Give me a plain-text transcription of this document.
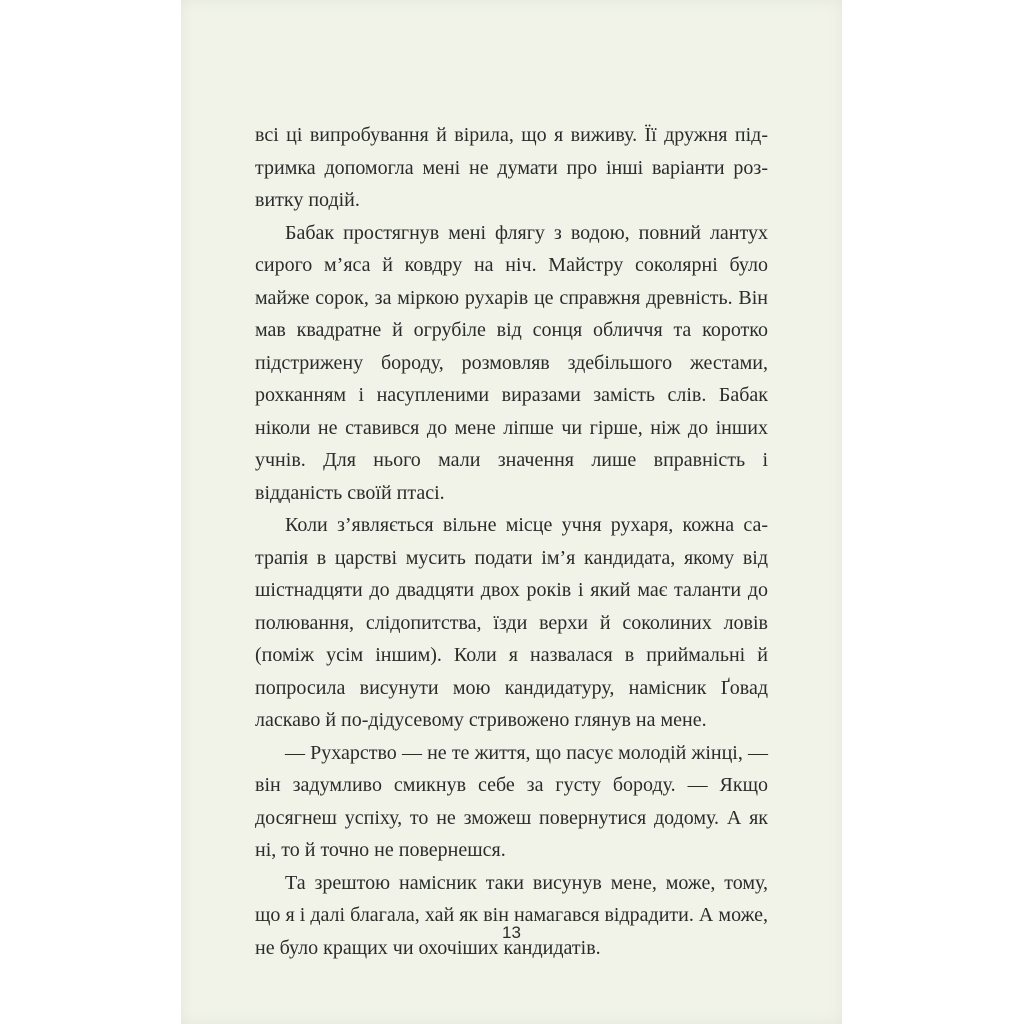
всі ці випробування й вірила, що я виживу. Її дружня підтримка допомогла мені не думати про інші варіанти розвитку подій.

Бабак простягнув мені флягу з водою, повний лантух сирого м’яса й ковдру на ніч. Майстру соколярні було майже сорок, за міркою рухарів це справжня древність. Він мав квадратне й огрубіле від сонця обличчя та коротко підстрижену бороду, розмовляв здебільшого жестами, рохканням і насупленими виразами замість слів. Бабак ніколи не ставився до мене ліпше чи гірше, ніж до інших учнів. Для нього мали значення лише вправність і відданість своїй птасі.

Коли з’являється вільне місце учня рухаря, кожна сатрапія в царстві мусить подати ім’я кандидата, якому від шістнадцяти до двадцяти двох років і який має таланти до полювання, слідопитства, їзди верхи й соколиних ловів (поміж усім іншим). Коли я назвалася в приймальні й попросила висунути мою кандидатуру, намісник Ґовад ласкаво й по-дідусевому стривожено глянув на мене.

— Рухарство — не те життя, що пасує молодій жінці, — він задумливо смикнув себе за густу бороду. — Якщо досягнеш успіху, то не зможеш повернутися додому. А як ні, то й точно не повернешся.

Та зрештою намісник таки висунув мене, може, тому, що я і далі благала, хай як він намагався відрадити. А може, не було кращих чи охочіших кандидатів.

13
